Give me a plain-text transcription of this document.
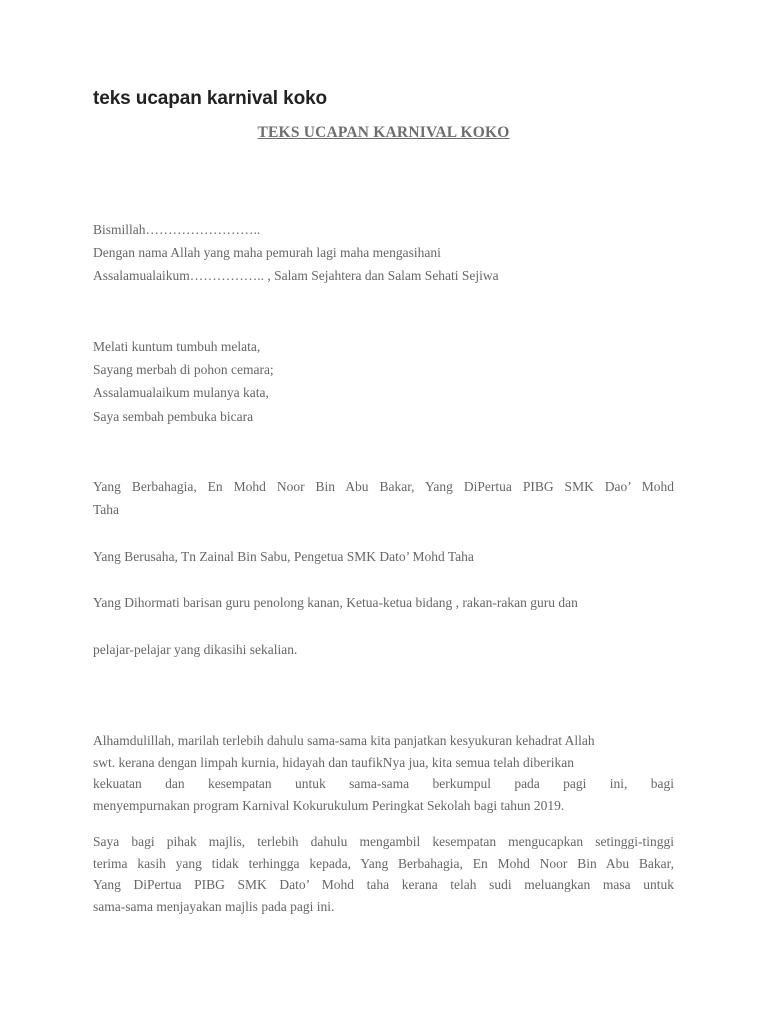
teks ucapan karnival koko
TEKS UCAPAN KARNIVAL KOKO
Bismillah……………………..
Dengan nama Allah yang maha pemurah lagi maha mengasihani
Assalamualaikum…………….. , Salam Sejahtera dan Salam Sehati Sejiwa
Melati kuntum tumbuh melata,
Sayang merbah di pohon cemara;
Assalamualaikum mulanya kata,
Saya sembah pembuka bicara
Yang Berbahagia, En Mohd Noor Bin Abu Bakar, Yang DiPertua PIBG SMK Dao’ Mohd
Taha
Yang Berusaha, Tn Zainal Bin Sabu, Pengetua SMK Dato’ Mohd Taha
Yang Dihormati barisan guru penolong kanan, Ketua-ketua bidang , rakan-rakan guru dan
pelajar-pelajar yang dikasihi sekalian.
Alhamdulillah, marilah terlebih dahulu sama-sama kita panjatkan kesyukuran kehadrat Allah
swt. kerana dengan limpah kurnia, hidayah dan taufikNya jua, kita semua telah diberikan
kekuatan dan kesempatan untuk sama-sama berkumpul pada pagi ini, bagi
menyempurnakan program Karnival Kokurukulum Peringkat Sekolah bagi tahun 2019.
Saya bagi pihak majlis, terlebih dahulu mengambil kesempatan mengucapkan setinggi-tinggi
terima kasih yang tidak terhingga kepada, Yang Berbahagia, En Mohd Noor Bin Abu Bakar,
Yang DiPertua PIBG SMK Dato’ Mohd taha kerana telah sudi meluangkan masa untuk
sama-sama menjayakan majlis pada pagi ini.
